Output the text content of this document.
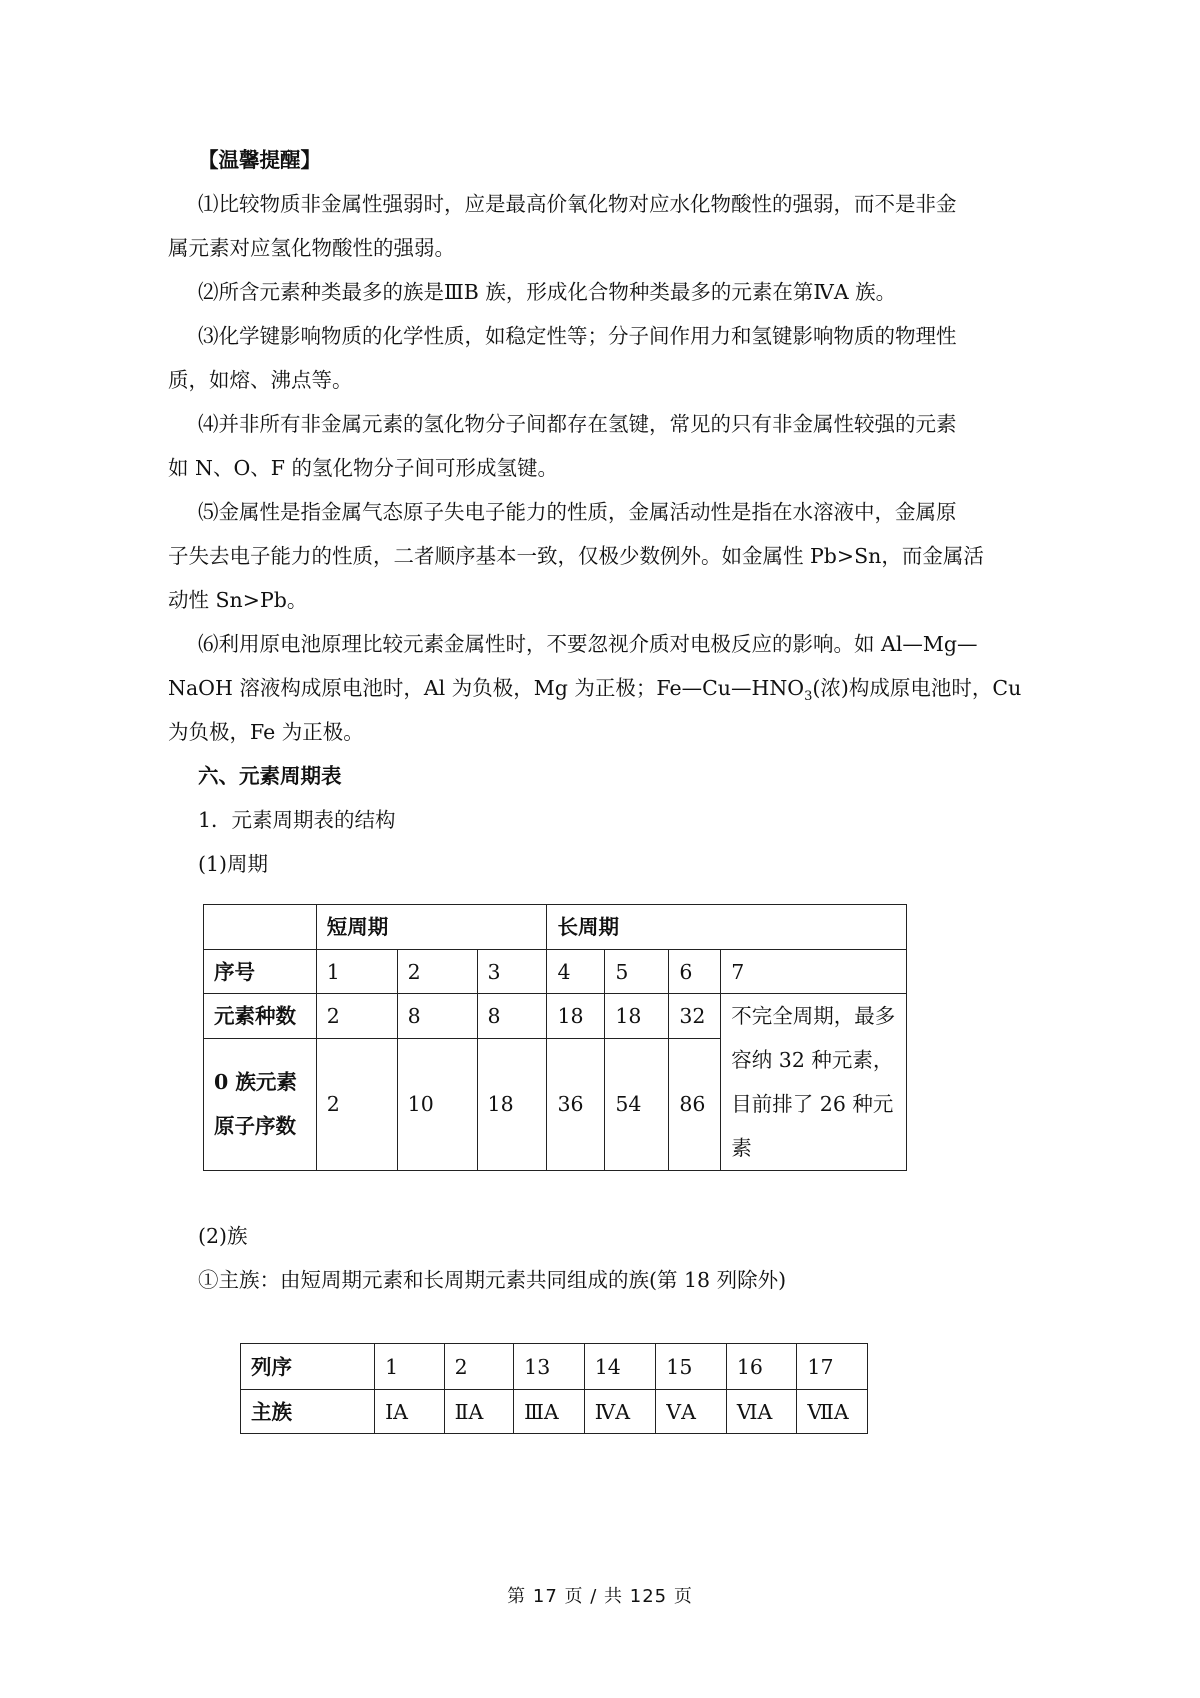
【温馨提醒】
⑴比较物质非金属性强弱时，应是最高价氧化物对应水化物酸性的强弱，而不是非金
属元素对应氢化物酸性的强弱。
⑵所含元素种类最多的族是ⅢB 族，形成化合物种类最多的元素在第ⅣA 族。
⑶化学键影响物质的化学性质，如稳定性等；分子间作用力和氢键影响物质的物理性
质，如熔、沸点等。
⑷并非所有非金属元素的氢化物分子间都存在氢键，常见的只有非金属性较强的元素
如 N、O、F 的氢化物分子间可形成氢键。
⑸金属性是指金属气态原子失电子能力的性质，金属活动性是指在水溶液中，金属原
子失去电子能力的性质，二者顺序基本一致，仅极少数例外。如金属性 Pb>Sn，而金属活
动性 Sn>Pb。
⑹利用原电池原理比较元素金属性时，不要忽视介质对电极反应的影响。如 Al—Mg—
NaOH 溶液构成原电池时，Al 为负极，Mg 为正极；$Fe—Cu—HNO_3$(浓)构成原电池时，Cu
为负极，Fe 为正极。
六、元素周期表
1．元素周期表的结构
(1)周期
	短周期			长周期			
序号	1	2	3	4	5	6	7
元素种数	2	8	8	18	18	32	不完全周期，最多
容纳 32 种元素，
目前排了 26 种元
素

0 族元素
原子序数	2	10	18	36	54	86	
(2)族
①主族：由短周期元素和长周期元素共同组成的族(第 18 列除外)
列序	1	2	13	14	15	16	17
主族	ⅠA	ⅡA	ⅢA	ⅣA	ⅤA	ⅥA	ⅦA
第 17 页 / 共 125 页
